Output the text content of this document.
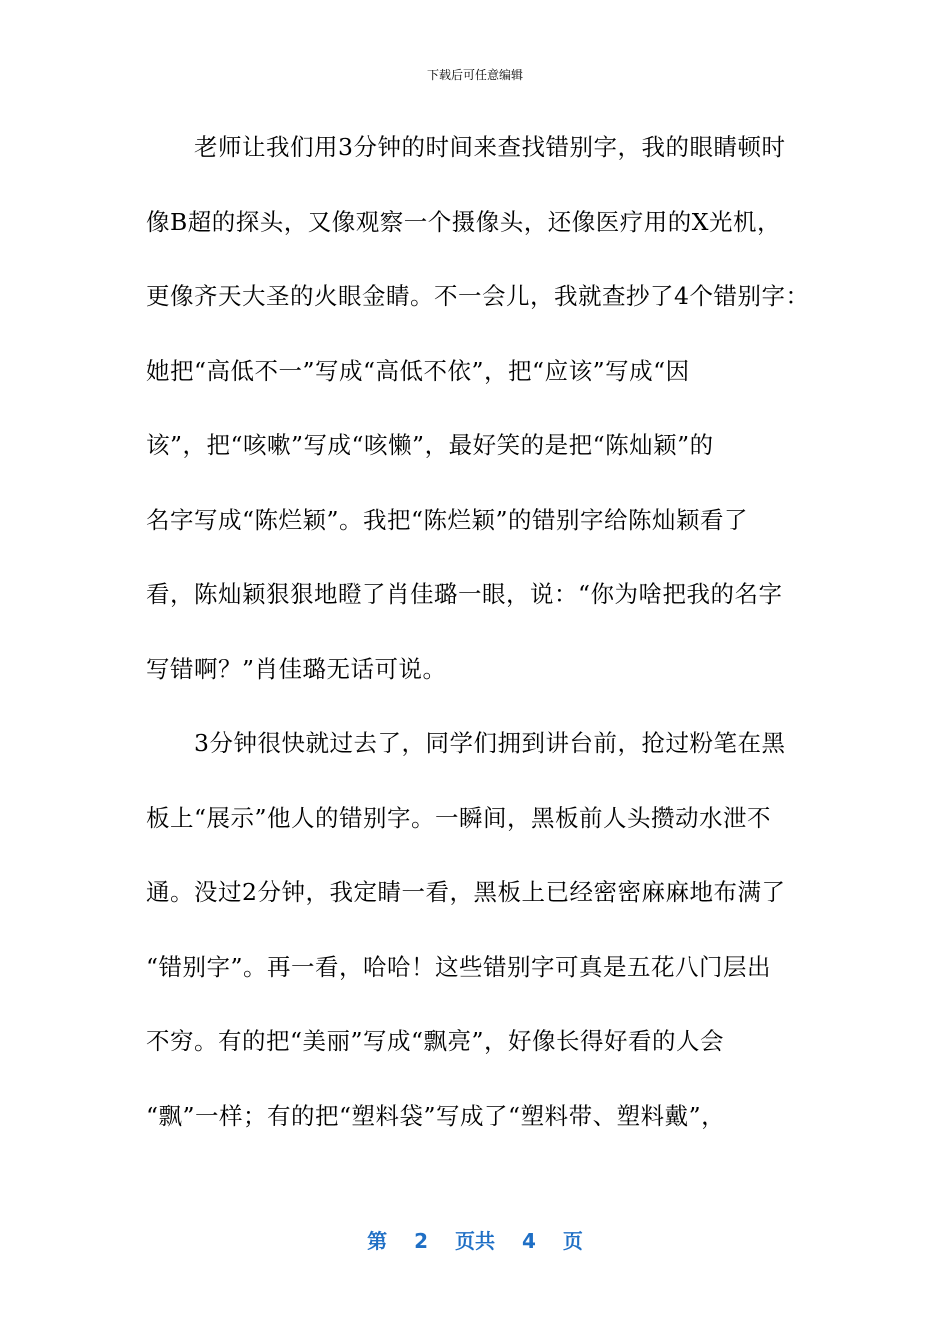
下载后可任意编辑
　　老师让我们用3分钟的时间来查找错别字，我的眼睛顿时
像B超的探头，又像观察一个摄像头，还像医疗用的X光机，
更像齐天大圣的火眼金睛。不一会儿，我就查抄了4个错别字：
她把“高低不一”写成“高低不依”，把“应该”写成“因
该”，把“咳嗽”写成“咳懒”，最好笑的是把“陈灿颖”的
名字写成“陈烂颖”。我把“陈烂颖”的错别字给陈灿颖看了
看，陈灿颖狠狠地瞪了肖佳璐一眼，说：“你为啥把我的名字
写错啊？”肖佳璐无话可说。
　　3分钟很快就过去了，同学们拥到讲台前，抢过粉笔在黑
板上“展示”他人的错别字。一瞬间，黑板前人头攒动水泄不
通。没过2分钟，我定睛一看，黑板上已经密密麻麻地布满了
“错别字”。再一看，哈哈！这些错别字可真是五花八门层出
不穷。有的把“美丽”写成“飘亮”，好像长得好看的人会
“飘”一样；有的把“塑料袋”写成了“塑料带、塑料戴”，
第 2 页共 4 页
